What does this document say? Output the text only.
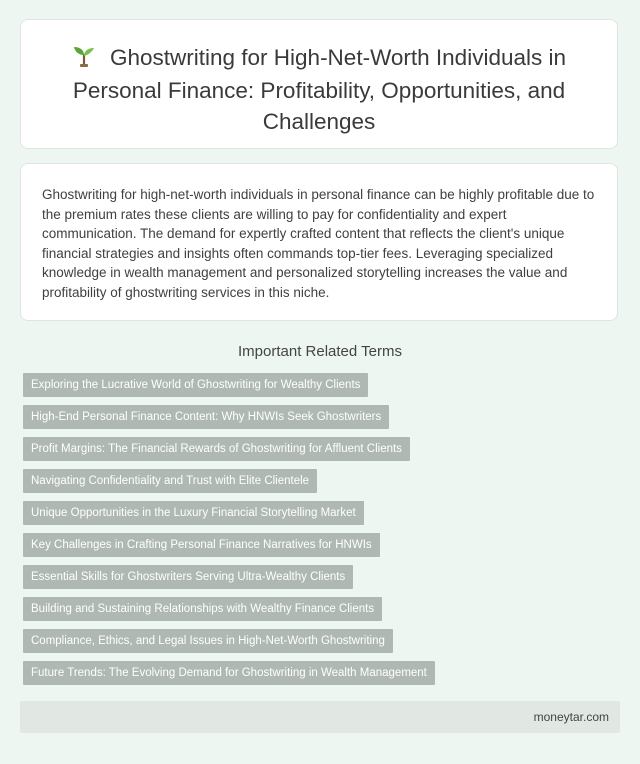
Ghostwriting for High-Net-Worth Individuals in Personal Finance: Profitability, Opportunities, and Challenges

Ghostwriting for high-net-worth individuals in personal finance can be highly profitable due to the premium rates these clients are willing to pay for confidentiality and expert communication. The demand for expertly crafted content that reflects the client's unique financial strategies and insights often commands top-tier fees. Leveraging specialized knowledge in wealth management and personalized storytelling increases the value and profitability of ghostwriting services in this niche.

Important Related Terms
Exploring the Lucrative World of Ghostwriting for Wealthy Clients
High-End Personal Finance Content: Why HNWIs Seek Ghostwriters
Profit Margins: The Financial Rewards of Ghostwriting for Affluent Clients
Navigating Confidentiality and Trust with Elite Clientele
Unique Opportunities in the Luxury Financial Storytelling Market
Key Challenges in Crafting Personal Finance Narratives for HNWIs
Essential Skills for Ghostwriters Serving Ultra-Wealthy Clients
Building and Sustaining Relationships with Wealthy Finance Clients
Compliance, Ethics, and Legal Issues in High-Net-Worth Ghostwriting
Future Trends: The Evolving Demand for Ghostwriting in Wealth Management
moneytar.com
